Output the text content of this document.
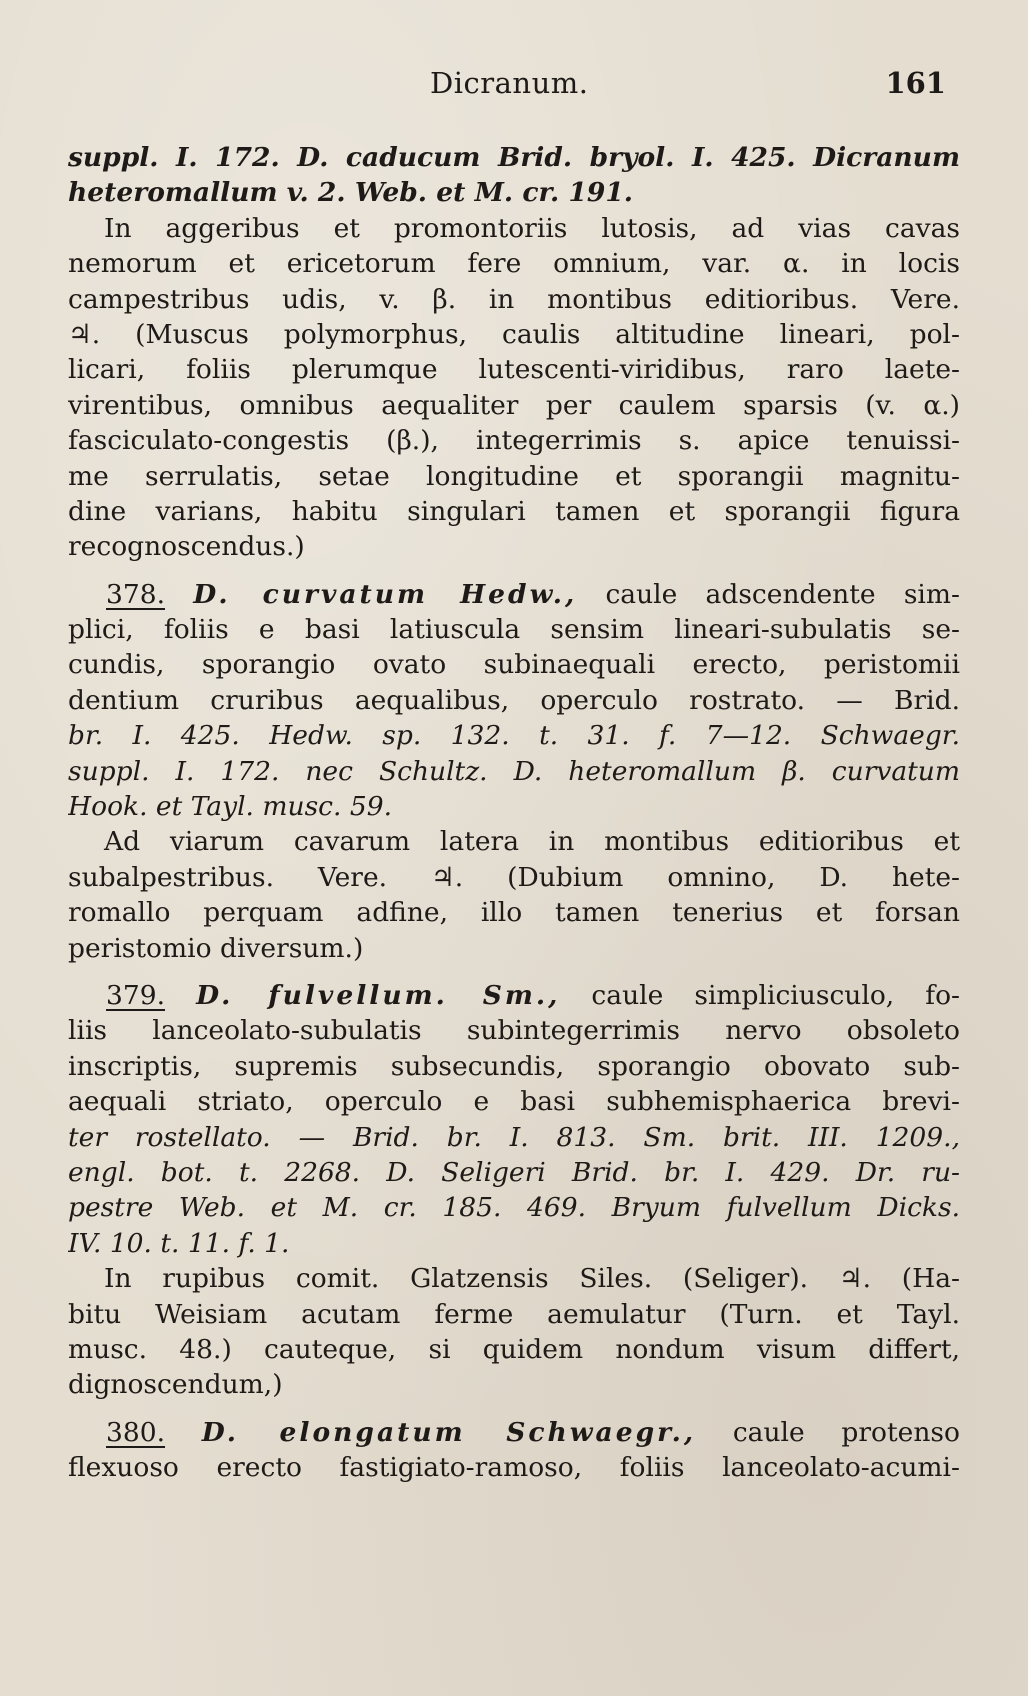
Dicranum.	161
suppl. I. 172. D. caducum Brid. bryol. I. 425. Dicranum
heteromallum v. 2. Web. et M. cr. 191.
In aggeribus et promontoriis lutosis, ad vias cavas
nemorum et ericetorum fere omnium, var. α. in locis
campestribus udis, v. β. in montibus editioribus. Vere.
♃. (Muscus polymorphus, caulis altitudine lineari, pol-
licari, foliis plerumque lutescenti-viridibus, raro laete-
virentibus, omnibus aequaliter per caulem sparsis (v. α.)
fasciculato-congestis (β.), integerrimis s. apice tenuissi-
me serrulatis, setae longitudine et sporangii magnitu-
dine varians, habitu singulari tamen et sporangii figura
recognoscendus.)
378. D. curvatum Hedw., caule adscendente sim-
plici, foliis e basi latiuscula sensim lineari-subulatis se-
cundis, sporangio ovato subinaequali erecto, peristomii
dentium cruribus aequalibus, operculo rostrato. — Brid.
br. I. 425. Hedw. sp. 132. t. 31. f. 7—12. Schwaegr.
suppl. I. 172. nec Schultz. D. heteromallum β. curvatum
Hook. et Tayl. musc. 59.
Ad viarum cavarum latera in montibus editioribus et
subalpestribus. Vere. ♃. (Dubium omnino, D. hete-
romallo perquam adfine, illo tamen tenerius et forsan
peristomio diversum.)
379. D. fulvellum. Sm., caule simpliciusculo, fo-
liis lanceolato-subulatis subintegerrimis nervo obsoleto
inscriptis, supremis subsecundis, sporangio obovato sub-
aequali striato, operculo e basi subhemisphaerica brevi-
ter rostellato. — Brid. br. I. 813. Sm. brit. III. 1209.,
engl. bot. t. 2268. D. Seligeri Brid. br. I. 429. Dr. ru-
pestre Web. et M. cr. 185. 469. Bryum fulvellum Dicks.
IV. 10. t. 11. f. 1.
In rupibus comit. Glatzensis Siles. (Seliger). ♃. (Ha-
bitu Weisiam acutam ferme aemulatur (Turn. et Tayl.
musc. 48.) cauteque, si quidem nondum visum differt,
dignoscendum,)
380. D. elongatum Schwaegr., caule protenso
flexuoso erecto fastigiato-ramoso, foliis lanceolato-acumi-
